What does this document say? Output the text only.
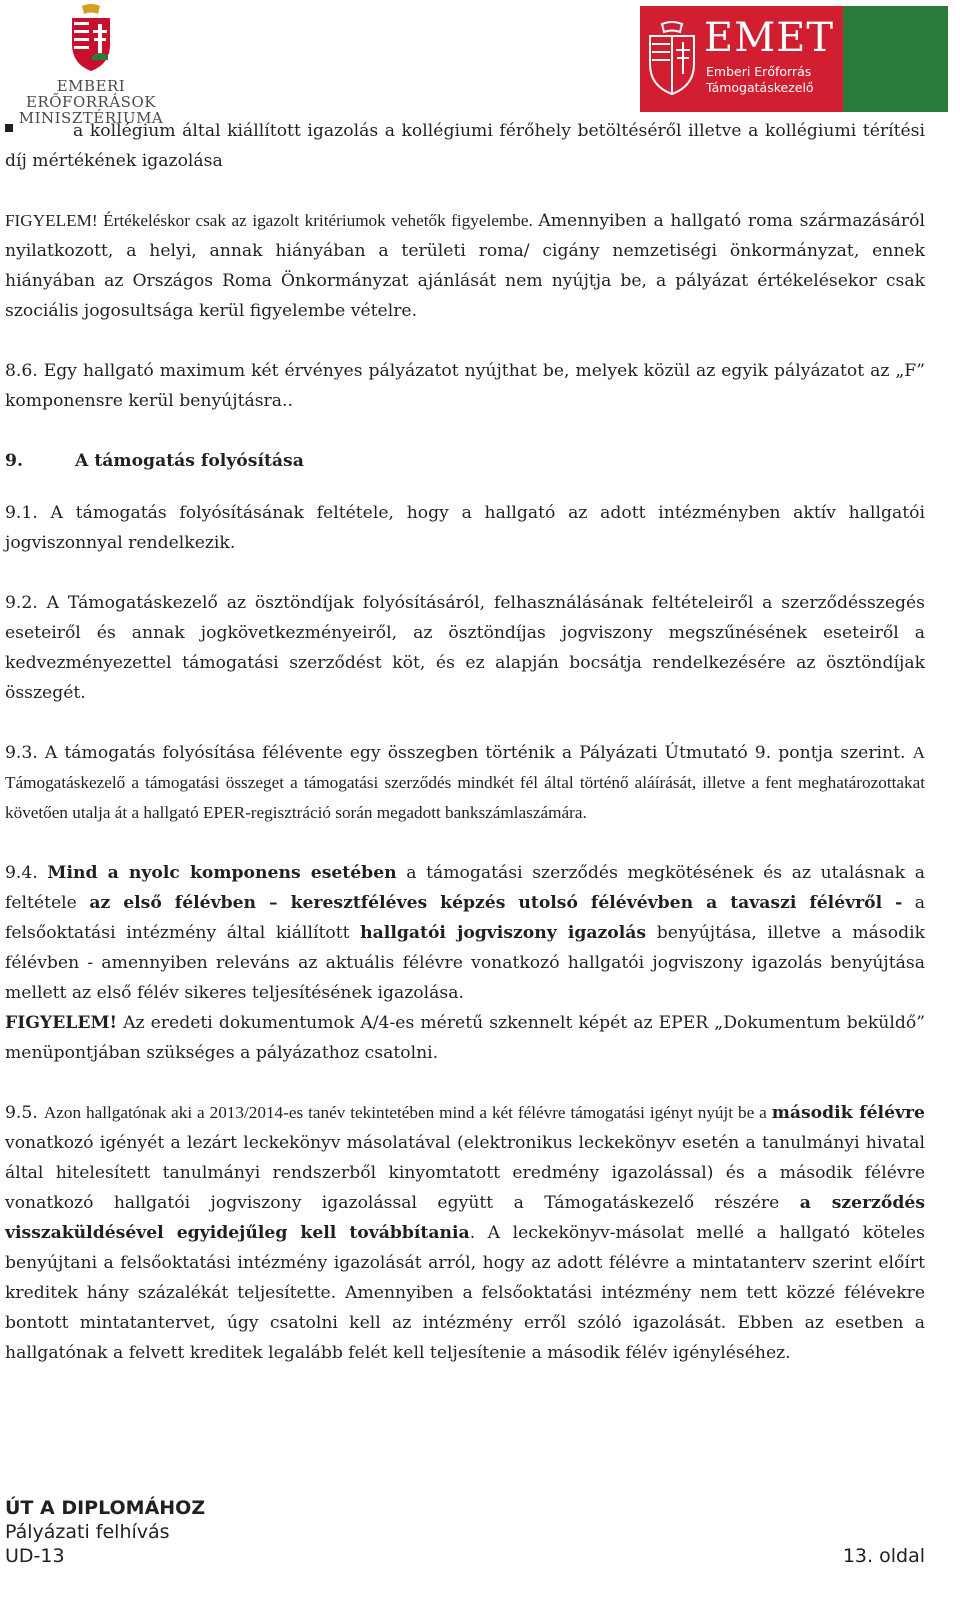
EMBERI ERŐFORRÁSOK
MINISZTÉRIUMA
EMET
Emberi Erőforrás
Támogatáskezelő

a kollégium által kiállított igazolás a kollégiumi férőhely betöltéséről illetve a kollégiumi térítési díj mértékének igazolása

FIGYELEM! Értékeléskor csak az igazolt kritériumok vehetők figyelembe. Amennyiben a hallgató roma származásáról nyilatkozott, a helyi, annak hiányában a területi roma/ cigány nemzetiségi önkormányzat, ennek hiányában az Országos Roma Önkormányzat ajánlását nem nyújtja be, a pályázat értékelésekor csak szociális jogosultsága kerül figyelembe vételre.

8.6. Egy hallgató maximum két érvényes pályázatot nyújthat be, melyek közül az egyik pályázatot az „F” komponensre kerül benyújtásra..

9.	A támogatás folyósítása

9.1. A támogatás folyósításának feltétele, hogy a hallgató az adott intézményben aktív hallgatói jogviszonnyal rendelkezik.

9.2. A Támogatáskezelő az ösztöndíjak folyósításáról, felhasználásának feltételeiről a szerződésszegés eseteiről és annak jogkövetkezményeiről, az ösztöndíjas jogviszony megszűnésének eseteiről a kedvezményezettel támogatási szerződést köt, és ez alapján bocsátja rendelkezésére az ösztöndíjak összegét.

9.3. A támogatás folyósítása félévente egy összegben történik a Pályázati Útmutató 9. pontja szerint. A Támogatáskezelő a támogatási összeget a támogatási szerződés mindkét fél által történő aláírását, illetve a fent meghatározottakat követően utalja át a hallgató EPER-regisztráció során megadott bankszámlaszámára.

9.4. Mind a nyolc komponens esetében a támogatási szerződés megkötésének és az utalásnak a feltétele az első félévben – keresztféléves képzés utolsó félévévben a tavaszi félévről - a felsőoktatási intézmény által kiállított hallgatói jogviszony igazolás benyújtása, illetve a második félévben - amennyiben releváns az aktuális félévre vonatkozó hallgatói jogviszony igazolás benyújtása mellett az első félév sikeres teljesítésének igazolása.

FIGYELEM! Az eredeti dokumentumok A/4-es méretű szkennelt képét az EPER „Dokumentum beküldő” menüpontjában szükséges a pályázathoz csatolni.

9.5. Azon hallgatónak aki a 2013/2014-es tanév tekintetében mind a két félévre támogatási igényt nyújt be a második félévre vonatkozó igényét a lezárt leckekönyv másolatával (elektronikus leckekönyv esetén a tanulmányi hivatal által hitelesített tanulmányi rendszerből kinyomtatott eredmény igazolással) és a második félévre vonatkozó hallgatói jogviszony igazolással együtt a Támogatáskezelő részére a szerződés visszaküldésével egyidejűleg kell továbbítania. A leckekönyv-másolat mellé a hallgató köteles benyújtani a felsőoktatási intézmény igazolását arról, hogy az adott félévre a mintatanterv szerint előírt kreditek hány százalékát teljesítette. Amennyiben a felsőoktatási intézmény nem tett közzé félévekre bontott mintatantervet, úgy csatolni kell az intézmény erről szóló igazolását. Ebben az esetben a hallgatónak a felvett kreditek legalább felét kell teljesítenie a második félév igényléséhez.

ÚT A DIPLOMÁHOZ
Pályázati felhívás
UD-13	13. oldal
